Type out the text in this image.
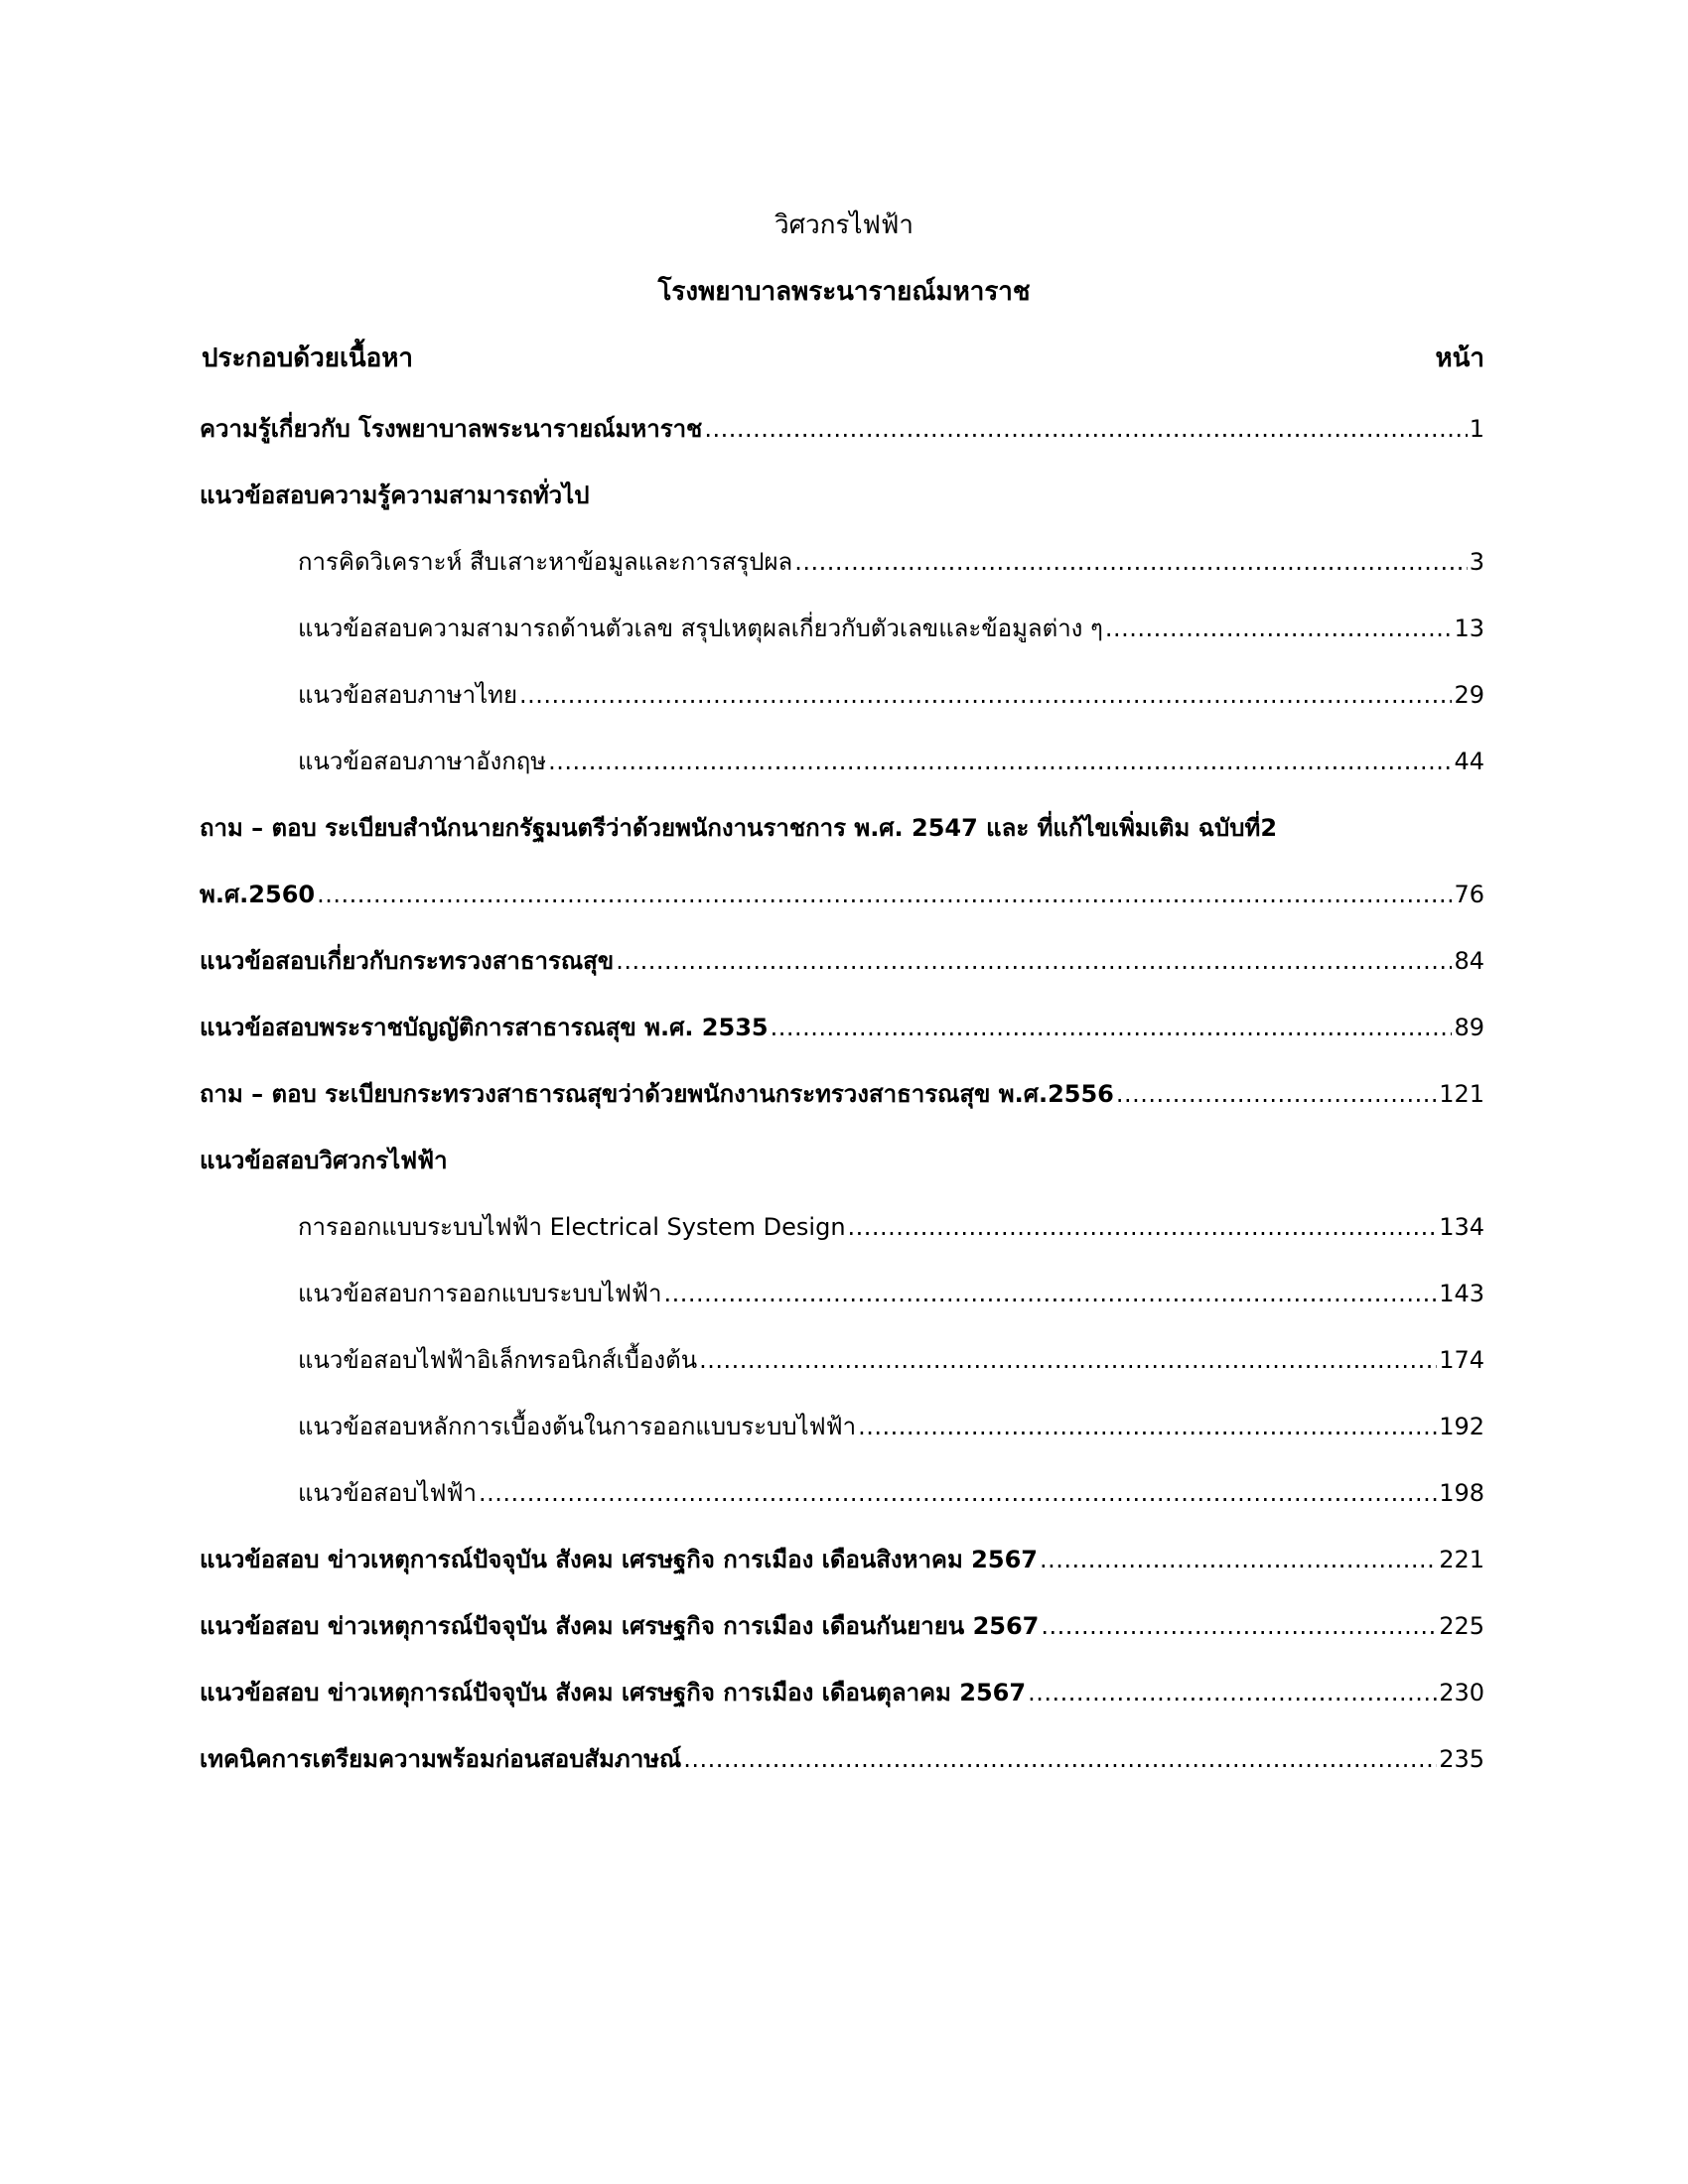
วิศวกรไฟฟ้า
โรงพยาบาลพระนารายณ์มหาราช
ประกอบด้วยเนื้อหา	หน้า
ความรู้เกี่ยวกับ โรงพยาบาลพระนารายณ์มหาราช .....	1
แนวข้อสอบความรู้ความสามารถทั่วไป
การคิดวิเคราะห์ สืบเสาะหาข้อมูลและการสรุปผล .....	3
แนวข้อสอบความสามารถด้านตัวเลข สรุปเหตุผลเกี่ยวกับตัวเลขและข้อมูลต่าง ๆ .....	13
แนวข้อสอบภาษาไทย .....	29
แนวข้อสอบภาษาอังกฤษ .....	44
ถาม – ตอบ ระเบียบสำนักนายกรัฐมนตรีว่าด้วยพนักงานราชการ พ.ศ. 2547 และ ที่แก้ไขเพิ่มเติม ฉบับที่2
พ.ศ.2560 .....	76
แนวข้อสอบเกี่ยวกับกระทรวงสาธารณสุข .....	84
แนวข้อสอบพระราชบัญญัติการสาธารณสุข พ.ศ. 2535 .....	89
ถาม – ตอบ ระเบียบกระทรวงสาธารณสุขว่าด้วยพนักงานกระทรวงสาธารณสุข พ.ศ.2556 .....	121
แนวข้อสอบวิศวกรไฟฟ้า
การออกแบบระบบไฟฟ้า Electrical System Design .....	134
แนวข้อสอบการออกแบบระบบไฟฟ้า .....	143
แนวข้อสอบไฟฟ้าอิเล็กทรอนิกส์เบื้องต้น .....	174
แนวข้อสอบหลักการเบื้องต้นในการออกแบบระบบไฟฟ้า .....	192
แนวข้อสอบไฟฟ้า .....	198
แนวข้อสอบ ข่าวเหตุการณ์ปัจจุบัน สังคม เศรษฐกิจ การเมือง เดือนสิงหาคม 2567 .....	221
แนวข้อสอบ ข่าวเหตุการณ์ปัจจุบัน สังคม เศรษฐกิจ การเมือง เดือนกันยายน 2567 .....	225
แนวข้อสอบ ข่าวเหตุการณ์ปัจจุบัน สังคม เศรษฐกิจ การเมือง เดือนตุลาคม 2567 .....	230
เทคนิคการเตรียมความพร้อมก่อนสอบสัมภาษณ์ .....	235
